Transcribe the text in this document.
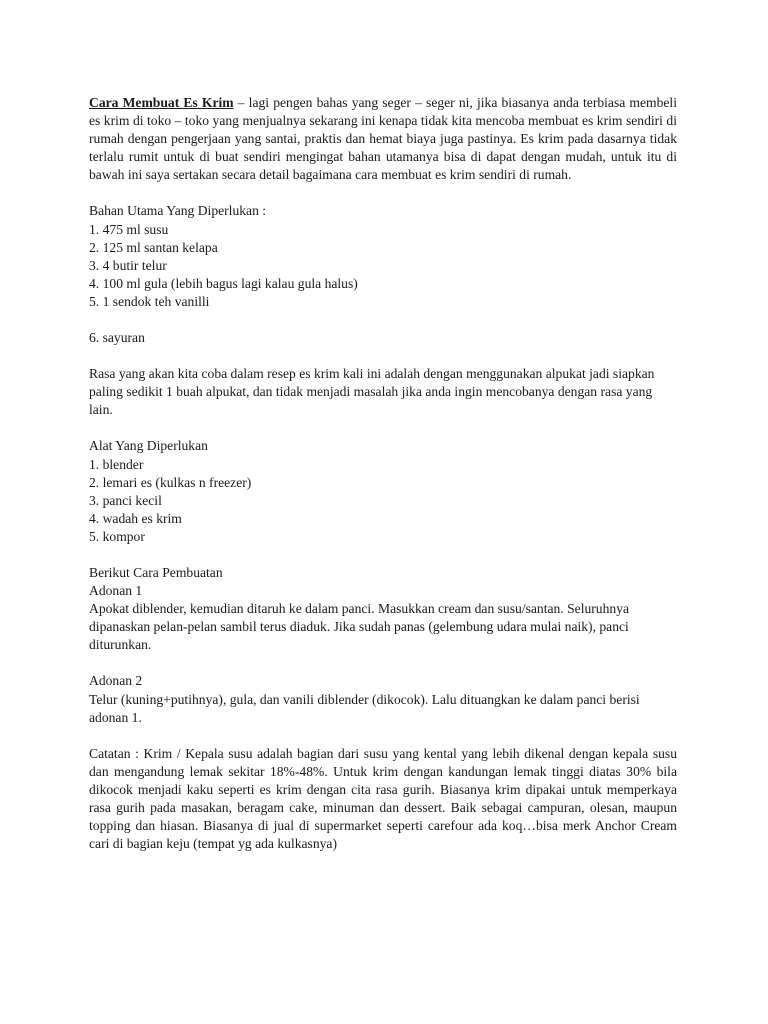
Cara Membuat Es Krim – lagi pengen bahas yang seger – seger ni, jika biasanya anda terbiasa membeli es krim di toko – toko yang menjualnya sekarang ini kenapa tidak kita mencoba membuat es krim sendiri di rumah dengan pengerjaan yang santai, praktis dan hemat biaya juga pastinya. Es krim pada dasarnya tidak terlalu rumit untuk di buat sendiri mengingat bahan utamanya bisa di dapat dengan mudah, untuk itu di bawah ini saya sertakan secara detail bagaimana cara membuat es krim sendiri di rumah.

Bahan Utama Yang Diperlukan :

1. 475 ml susu

2. 125 ml santan kelapa

3. 4 butir telur

4. 100 ml gula (lebih bagus lagi kalau gula halus)

5. 1 sendok teh vanilli

6. sayuran

Rasa yang akan kita coba dalam resep es krim kali ini adalah dengan menggunakan alpukat jadi siapkan paling sedikit 1 buah alpukat, dan tidak menjadi masalah jika anda ingin mencobanya dengan rasa yang lain.

Alat Yang Diperlukan

1. blender

2. lemari es (kulkas n freezer)

3. panci kecil

4. wadah es krim

5. kompor

Berikut Cara Pembuatan

Adonan 1

Apokat diblender, kemudian ditaruh ke dalam panci. Masukkan cream dan susu/santan. Seluruhnya dipanaskan pelan-pelan sambil terus diaduk. Jika sudah panas (gelembung udara mulai naik), panci diturunkan.

Adonan 2

Telur (kuning+putihnya), gula, dan vanili diblender (dikocok). Lalu dituangkan ke dalam panci berisi adonan 1.

Catatan : Krim / Kepala susu adalah bagian dari susu yang kental yang lebih dikenal dengan kepala susu dan mengandung lemak sekitar 18%-48%. Untuk krim dengan kandungan lemak tinggi diatas 30% bila dikocok menjadi kaku seperti es krim dengan cita rasa gurih. Biasanya krim dipakai untuk memperkaya rasa gurih pada masakan, beragam cake, minuman dan dessert. Baik sebagai campuran, olesan, maupun topping dan hiasan. Biasanya di jual di supermarket seperti carefour ada koq…bisa merk Anchor Cream cari di bagian keju (tempat yg ada kulkasnya)
